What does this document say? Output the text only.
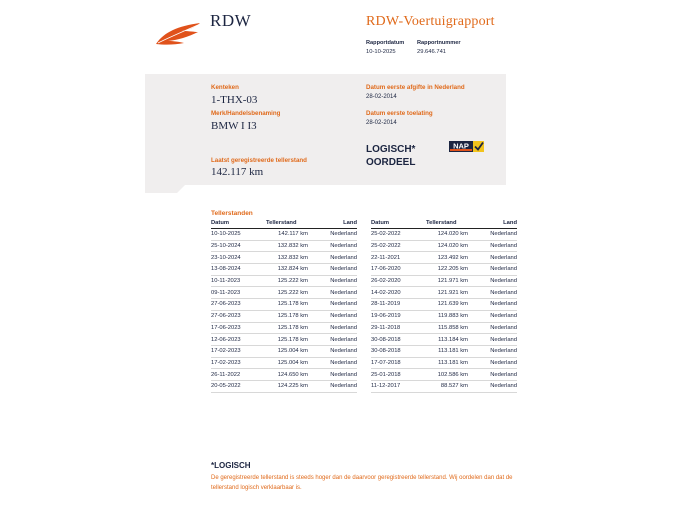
RDW	RDW-Voertuigrapport
Rapportdatum
10-10-2025
Rapportnummer
29.646.741
Kenteken
1-THX-03
Merk/Handelsbenaming
BMW I I3
Laatst geregistreerde tellerstand
142.117 km
Datum eerste afgifte in Nederland
28-02-2014
Datum eerste toelating
28-02-2014
LOGISCH*
OORDEEL
NAP
Tellerstanden
Datum	Tellerstand	Land
10-10-2025	142.117 km	Nederland
25-10-2024	132.832 km	Nederland
23-10-2024	132.832 km	Nederland
13-08-2024	132.824 km	Nederland
10-11-2023	125.222 km	Nederland
09-11-2023	125.222 km	Nederland
27-06-2023	125.178 km	Nederland
27-06-2023	125.178 km	Nederland
17-06-2023	125.178 km	Nederland
12-06-2023	125.178 km	Nederland
17-02-2023	125.004 km	Nederland
17-02-2023	125.004 km	Nederland
26-11-2022	124.650 km	Nederland
20-05-2022	124.225 km	Nederland
Datum	Tellerstand	Land
25-02-2022	124.020 km	Nederland
25-02-2022	124.020 km	Nederland
22-11-2021	123.492 km	Nederland
17-06-2020	122.205 km	Nederland
26-02-2020	121.971 km	Nederland
14-02-2020	121.921 km	Nederland
28-11-2019	121.639 km	Nederland
19-06-2019	119.883 km	Nederland
29-11-2018	115.858 km	Nederland
30-08-2018	113.184 km	Nederland
30-08-2018	113.181 km	Nederland
17-07-2018	113.181 km	Nederland
25-01-2018	102.586 km	Nederland
11-12-2017	88.527 km	Nederland
*LOGISCH
De geregistreerde tellerstand is steeds hoger dan de daarvoor geregistreerde tellerstand. Wij oordelen dan dat de tellerstand logisch verklaarbaar is.
